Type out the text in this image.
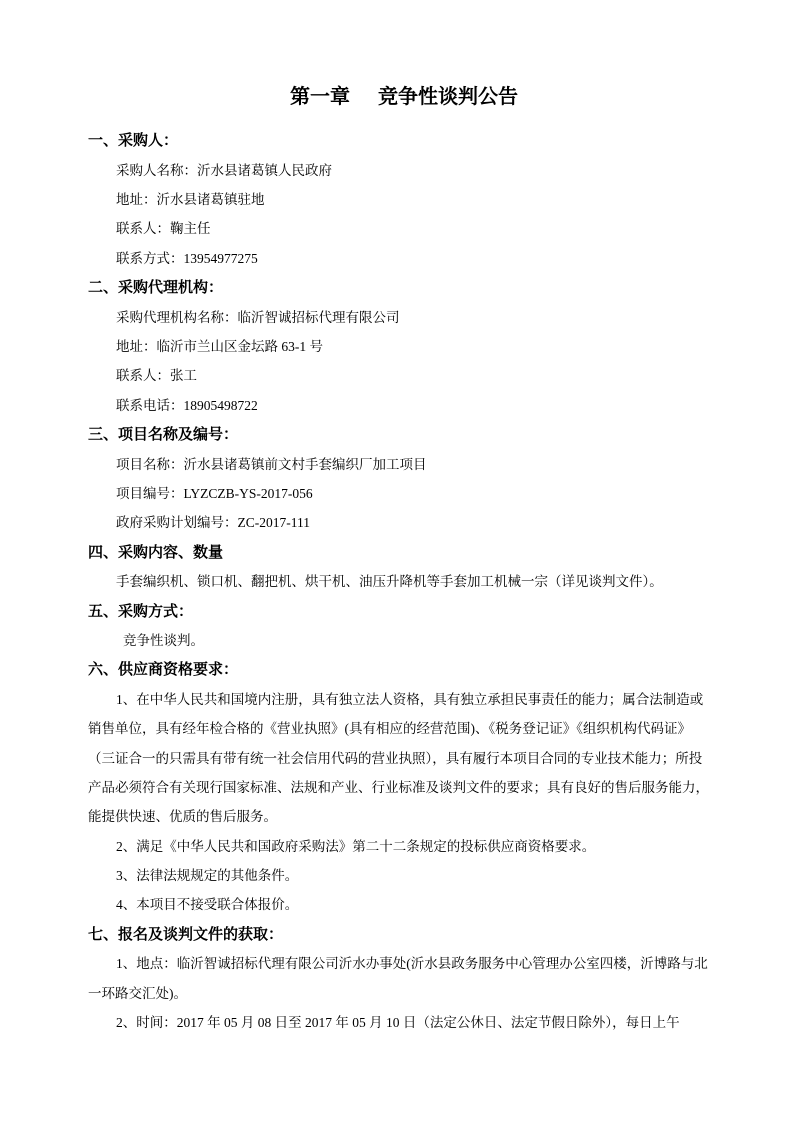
第一章 竞争性谈判公告
一、采购人：
采购人名称：沂水县诸葛镇人民政府
地址：沂水县诸葛镇驻地
联系人：鞠主任
联系方式：13954977275
二、采购代理机构：
采购代理机构名称：临沂智诚招标代理有限公司
地址：临沂市兰山区金坛路 63-1 号
联系人：张工
联系电话：18905498722
三、项目名称及编号：
项目名称：沂水县诸葛镇前文村手套编织厂加工项目
项目编号：LYZCZB-YS-2017-056
政府采购计划编号：ZC-2017-111
四、采购内容、数量
手套编织机、锁口机、翻把机、烘干机、油压升降机等手套加工机械一宗（详见谈判文件）。
五、采购方式：
竞争性谈判。
六、供应商资格要求：
1、在中华人民共和国境内注册，具有独立法人资格，具有独立承担民事责任的能力；属合法制造或
销售单位，具有经年检合格的《营业执照》(具有相应的经营范围)、《税务登记证》《组织机构代码证》
（三证合一的只需具有带有统一社会信用代码的营业执照），具有履行本项目合同的专业技术能力；所投
产品必须符合有关现行国家标准、法规和产业、行业标准及谈判文件的要求；具有良好的售后服务能力，
能提供快速、优质的售后服务。
2、满足《中华人民共和国政府采购法》第二十二条规定的投标供应商资格要求。
3、法律法规规定的其他条件。
4、本项目不接受联合体报价。
七、报名及谈判文件的获取：
1、地点：临沂智诚招标代理有限公司沂水办事处(沂水县政务服务中心管理办公室四楼，沂博路与北
一环路交汇处)。
2、时间：2017 年 05 月 08 日至 2017 年 05 月 10 日（法定公休日、法定节假日除外），每日上午
